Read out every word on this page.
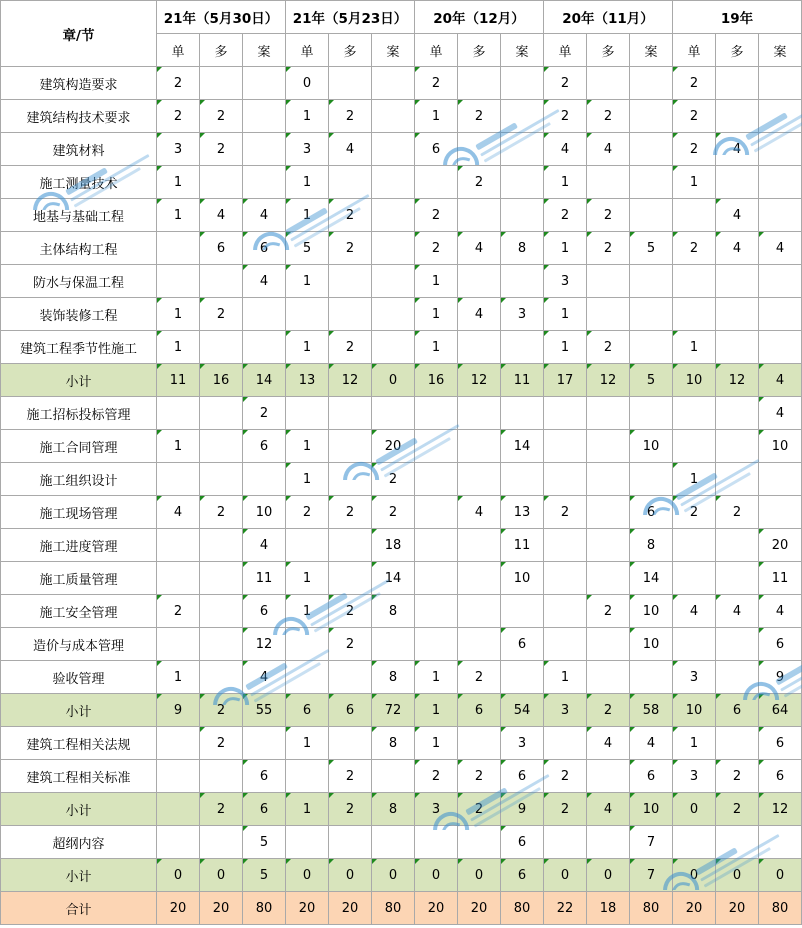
章/节	21年（5月30日）			21年（5月23日）			20年（12月）			20年（11月）			19年		
	单	多	案	单	多	案	单	多	案	单	多	案	单	多	案
建筑构造要求	2			0			2			2			2		
建筑结构技术要求	2	2		1	2		1	2		2	2		2		
建筑材料	3	2		3	4		6			4	4		2	4	
施工测量技术	1			1				2		1			1		
地基与基础工程	1	4	4	1	2		2			2	2			4	
主体结构工程		6	6	5	2		2	4	8	1	2	5	2	4	4
防水与保温工程			4	1			1			3					
装饰装修工程	1	2					1	4	3	1					
建筑工程季节性施工	1			1	2		1			1	2		1		
小计	11	16	14	13	12	0	16	12	11	17	12	5	10	12	4
施工招标投标管理			2												4
施工合同管理	1		6	1		20			14			10			10
施工组织设计				1		2							1		
施工现场管理	4	2	10	2	2	2		4	13	2		6	2	2	
施工进度管理			4			18			11			8			20
施工质量管理			11	1		14			10			14			11
施工安全管理	2		6	1	2	8					2	10	4	4	4
造价与成本管理			12		2				6			10			6
验收管理	1		4			8	1	2		1			3		9
小计	9	2	55	6	6	72	1	6	54	3	2	58	10	6	64
建筑工程相关法规		2		1		8	1		3		4	4	1		6
建筑工程相关标准			6		2		2	2	6	2		6	3	2	6
小计		2	6	1	2	8	3	2	9	2	4	10	0	2	12
超纲内容			5						6			7			
小计	0	0	5	0	0	0	0	0	6	0	0	7	0	0	0
合计	20	20	80	20	20	80	20	20	80	22	18	80	20	20	80
